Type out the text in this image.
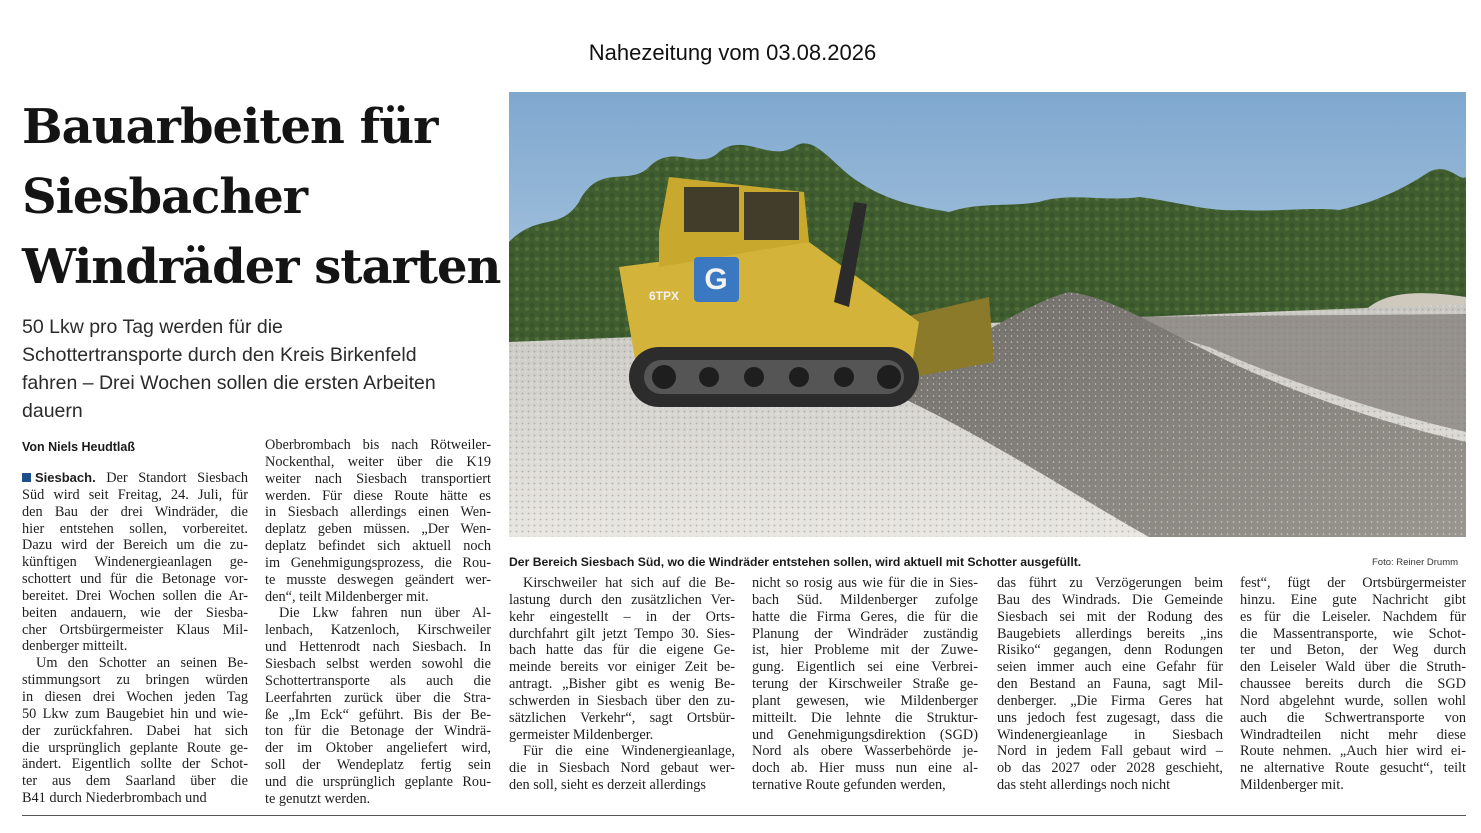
Nahezeitung vom 03.08.2026
Bauarbeiten für
Siesbacher
Windräder starten
50 Lkw pro Tag werden für die
Schottertransporte durch den Kreis Birkenfeld
fahren – Drei Wochen sollen die ersten Arbeiten
dauern
Von Niels Heudtlaß
Siesbach. Der Standort Siesbach
Süd wird seit Freitag, 24. Juli, für
den Bau der drei Windräder, die
hier entstehen sollen, vorbereitet.
Dazu wird der Bereich um die zu-
künftigen Windenergieanlagen ge-
schottert und für die Betonage vor-
bereitet. Drei Wochen sollen die Ar-
beiten andauern, wie der Siesba-
cher Ortsbürgermeister Klaus Mil-
denberger mitteilt.
Um den Schotter an seinen Be-
stimmungsort zu bringen würden
in diesen drei Wochen jeden Tag
50 Lkw zum Baugebiet hin und wie-
der zurückfahren. Dabei hat sich
die ursprünglich geplante Route ge-
ändert. Eigentlich sollte der Schot-
ter aus dem Saarland über die
B41 durch Niederbrombach und
Oberbrombach bis nach Rötweiler-
Nockenthal, weiter über die K19
weiter nach Siesbach transportiert
werden. Für diese Route hätte es
in Siesbach allerdings einen Wen-
deplatz geben müssen. „Der Wen-
deplatz befindet sich aktuell noch
im Genehmigungsprozess, die Rou-
te musste deswegen geändert wer-
den“, teilt Mildenberger mit.
Die Lkw fahren nun über Al-
lenbach, Katzenloch, Kirschweiler
und Hettenrodt nach Siesbach. In
Siesbach selbst werden sowohl die
Schottertransporte als auch die
Leerfahrten zurück über die Stra-
ße „Im Eck“ geführt. Bis der Be-
ton für die Betonage der Windrä-
der im Oktober angeliefert wird,
soll der Wendeplatz fertig sein
und die ursprünglich geplante Rou-
te genutzt werden.
Kirschweiler hat sich auf die Be-
lastung durch den zusätzlichen Ver-
kehr eingestellt – in der Orts-
durchfahrt gilt jetzt Tempo 30. Sies-
bach hatte das für die eigene Ge-
meinde bereits vor einiger Zeit be-
antragt. „Bisher gibt es wenig Be-
schwerden in Siesbach über den zu-
sätzlichen Verkehr“, sagt Ortsbür-
germeister Mildenberger.
Für die eine Windenergieanlage,
die in Siesbach Nord gebaut wer-
den soll, sieht es derzeit allerdings
nicht so rosig aus wie für die in Sies-
bach Süd. Mildenberger zufolge
hatte die Firma Geres, die für die
Planung der Windräder zuständig
ist, hier Probleme mit der Zuwe-
gung. Eigentlich sei eine Verbrei-
terung der Kirschweiler Straße ge-
plant gewesen, wie Mildenberger
mitteilt. Die lehnte die Struktur-
und Genehmigungsdirektion (SGD)
Nord als obere Wasserbehörde je-
doch ab. Hier muss nun eine al-
ternative Route gefunden werden,
das führt zu Verzögerungen beim
Bau des Windrads. Die Gemeinde
Siesbach sei mit der Rodung des
Baugebiets allerdings bereits „ins
Risiko“ gegangen, denn Rodungen
seien immer auch eine Gefahr für
den Bestand an Fauna, sagt Mil-
denberger. „Die Firma Geres hat
uns jedoch fest zugesagt, dass die
Windenergieanlage in Siesbach
Nord in jedem Fall gebaut wird –
ob das 2027 oder 2028 geschieht,
das steht allerdings noch nicht
fest“, fügt der Ortsbürgermeister
hinzu. Eine gute Nachricht gibt
es für die Leiseler. Nachdem für
die Massentransporte, wie Schot-
ter und Beton, der Weg durch
den Leiseler Wald über die Struth-
chaussee bereits durch die SGD
Nord abgelehnt wurde, sollen wohl
auch die Schwertransporte von
Windradteilen nicht mehr diese
Route nehmen. „Auch hier wird ei-
ne alternative Route gesucht“, teilt
Mildenberger mit.
G
6TPX
Der Bereich Siesbach Süd, wo die Windräder entstehen sollen, wird aktuell mit Schotter ausgefüllt.	Foto: Reiner Drumm
